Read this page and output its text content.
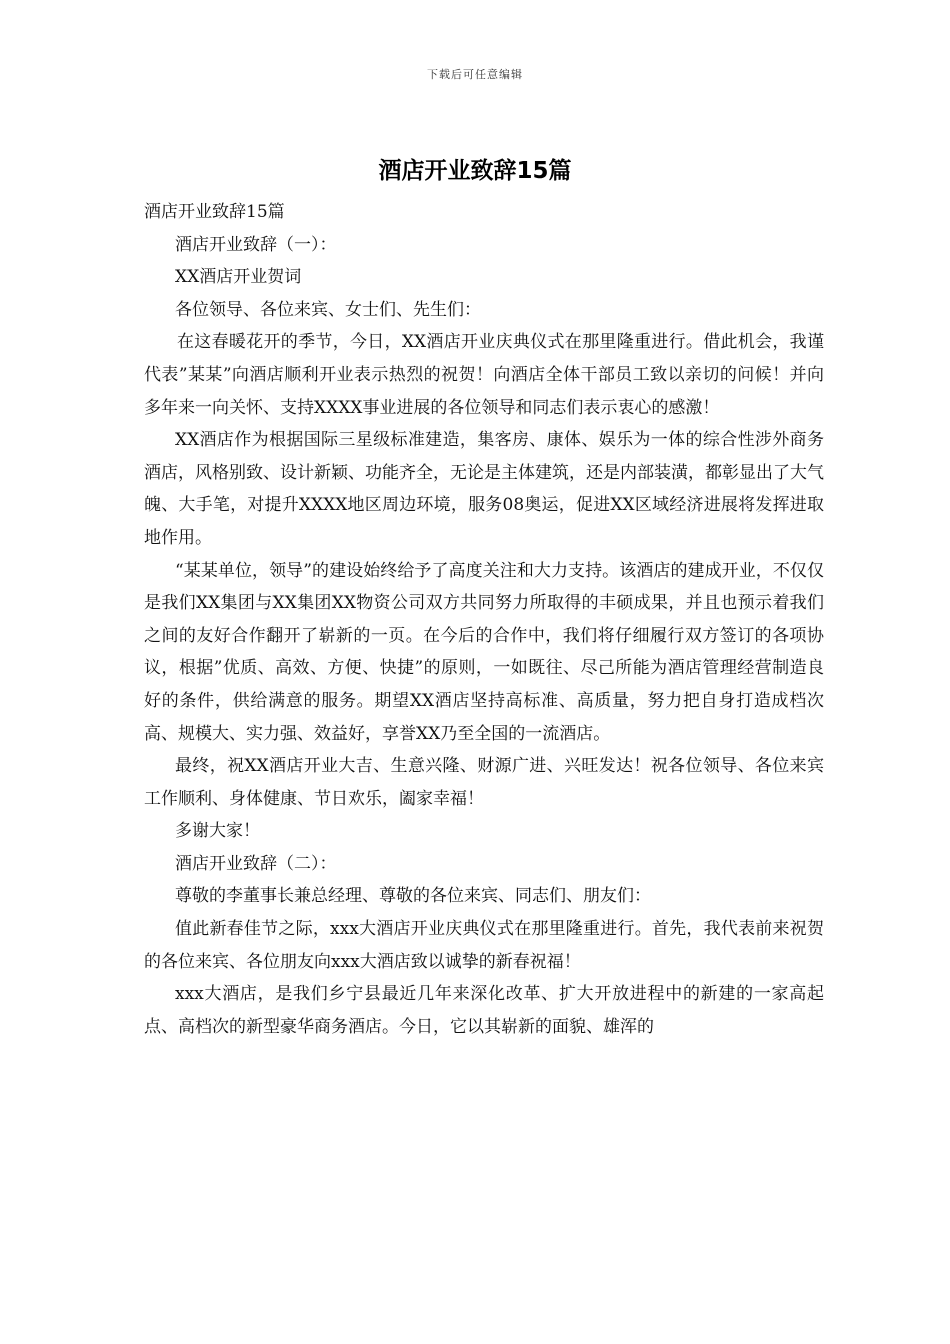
下载后可任意编辑
酒店开业致辞15篇

酒店开业致辞15篇

酒店开业致辞（一）：

XX酒店开业贺词

各位领导、各位来宾、女士们、先生们：

在这春暖花开的季节，今日，XX酒店开业庆典仪式在那里隆重进行。借此机会，我谨代表”某某”向酒店顺利开业表示热烈的祝贺！向酒店全体干部员工致以亲切的问候！并向多年来一向关怀、支持XXXX事业进展的各位领导和同志们表示衷心的感激！

XX酒店作为根据国际三星级标准建造，集客房、康体、娱乐为一体的综合性涉外商务酒店，风格别致、设计新颖、功能齐全，无论是主体建筑，还是内部装潢，都彰显出了大气魄、大手笔，对提升XXXX地区周边环境，服务08奥运，促进XX区域经济进展将发挥进取地作用。

“某某单位，领导”的建设始终给予了高度关注和大力支持。该酒店的建成开业，不仅仅是我们XX集团与XX集团XX物资公司双方共同努力所取得的丰硕成果，并且也预示着我们之间的友好合作翻开了崭新的一页。在今后的合作中，我们将仔细履行双方签订的各项协议，根据”优质、高效、方便、快捷”的原则，一如既往、尽己所能为酒店管理经营制造良好的条件，供给满意的服务。期望XX酒店坚持高标准、高质量，努力把自身打造成档次高、规模大、实力强、效益好，享誉XX乃至全国的一流酒店。

最终，祝XX酒店开业大吉、生意兴隆、财源广进、兴旺发达！祝各位领导、各位来宾工作顺利、身体健康、节日欢乐，阖家幸福！

多谢大家！

酒店开业致辞（二）：

尊敬的李董事长兼总经理、尊敬的各位来宾、同志们、朋友们：

值此新春佳节之际，xxx大酒店开业庆典仪式在那里隆重进行。首先，我代表前来祝贺的各位来宾、各位朋友向xxx大酒店致以诚挚的新春祝福！

xxx大酒店，是我们乡宁县最近几年来深化改革、扩大开放进程中的新建的一家高起点、高档次的新型豪华商务酒店。今日，它以其崭新的面貌、雄浑的
